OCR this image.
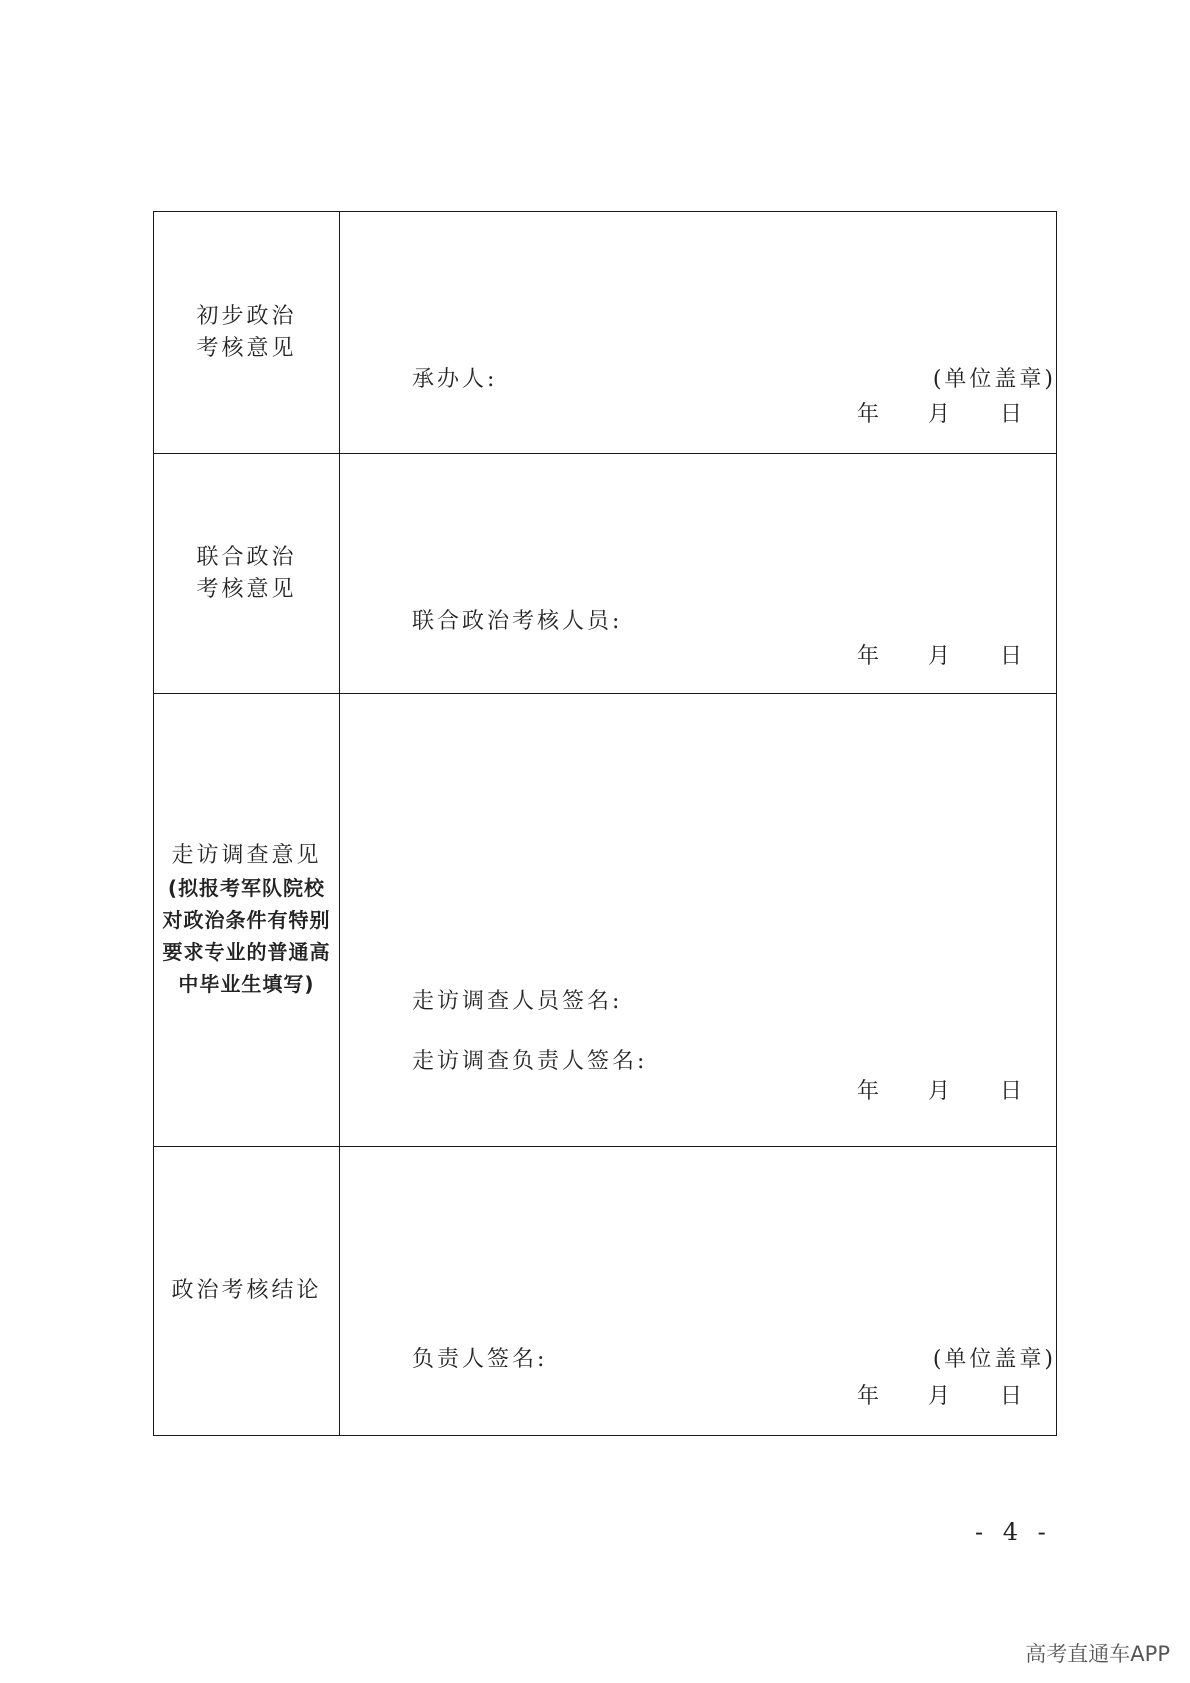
初步政治
考核意见	承办人: (单位盖章)
年 月 日

联合政治
考核意见	联合政治考核人员:
年 月 日

走访调查意见
(拟报考军队院校
对政治条件有特别
要求专业的普通高
中毕业生填写)	走访调查人员签名:
走访调查负责人签名:
年 月 日

政治考核结论	负责人签名: (单位盖章)
年 月 日
- 4 -
高考直通车APP
